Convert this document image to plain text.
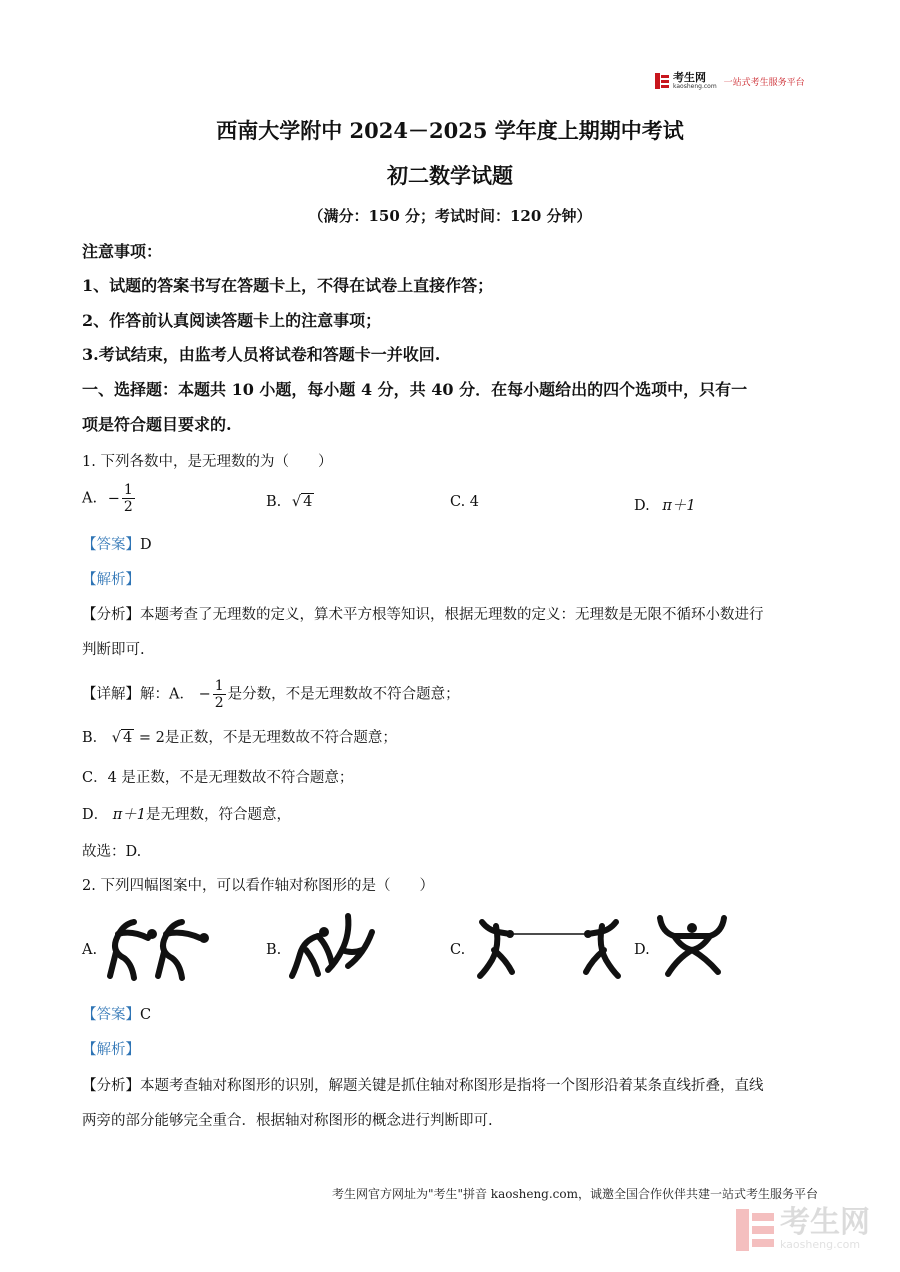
考生网
kaosheng.com 一站式考生服务平台
西南大学附中 2024－2025 学年度上期期中考试
初二数学试题
（满分：150 分；考试时间：120 分钟）
注意事项：
1、试题的答案书写在答题卡上，不得在试卷上直接作答；
2、作答前认真阅读答题卡上的注意事项；
3.考试结束，由监考人员将试卷和答题卡一并收回.
一、选择题：本题共 10 小题，每小题 4 分，共 40 分．在每小题给出的四个选项中，只有一
项是符合题目要求的.
1. 下列各数中，是无理数的为（　　）
A. − $\frac{1}{2}$	B. √ 4	C. 4	D. π＋1
【答案】D
【解析】
【分析】本题考查了无理数的定义，算术平方根等知识，根据无理数的定义：无理数是无限不循环小数进行
判断即可.
【详解】解：A． − $\frac{1}{2}$ 是分数，不是无理数故不符合题意；
B． √ 4 = 2是正数，不是无理数故不符合题意；
C．4 是正数，不是无理数故不符合题意；
D． π＋1是无理数，符合题意，
故选：D.
2. 下列四幅图案中，可以看作轴对称图形的是（　　）
A.	B.	C.	D.
【答案】C
【解析】
【分析】本题考查轴对称图形的识别，解题关键是抓住轴对称图形是指将一个图形沿着某条直线折叠，直线
两旁的部分能够完全重合．根据轴对称图形的概念进行判断即可.
考生网官方网址为"考生"拼音 kaosheng.com，诚邀全国合作伙伴共建一站式考生服务平台
考生网
kaosheng.com
